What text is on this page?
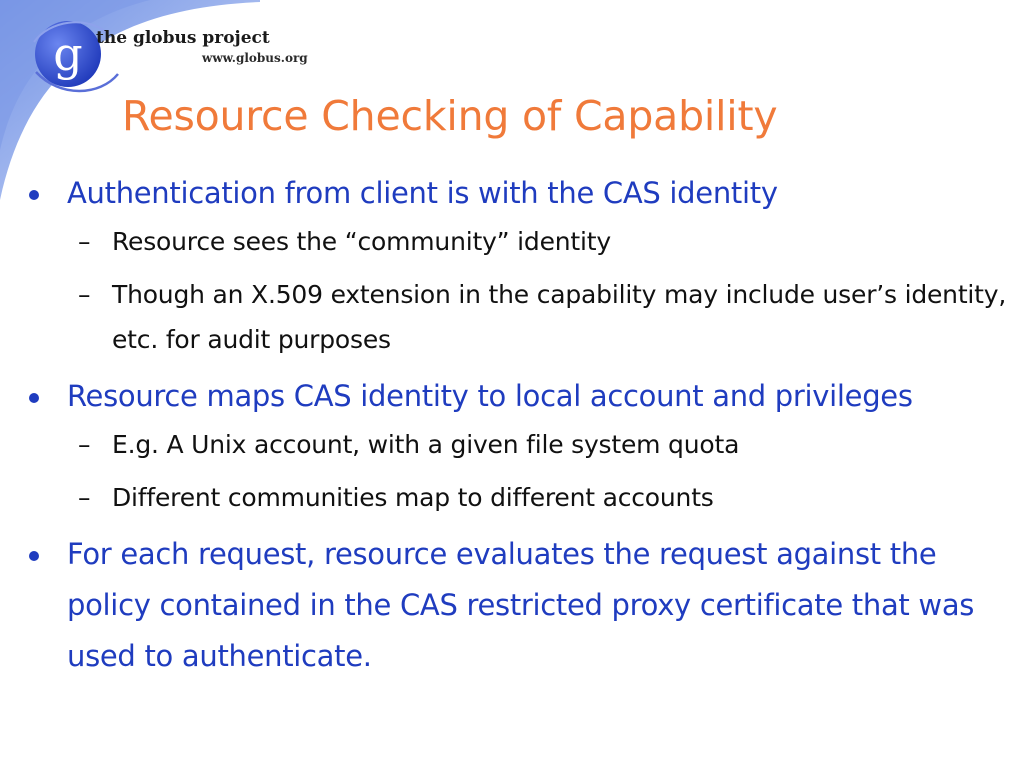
g the globus project
www.globus.org
Resource Checking of Capability
Authentication from client is with the CAS identity
– Resource sees the “community” identity
– Though an X.509 extension in the capability may include user’s identity, etc. for audit purposes
Resource maps CAS identity to local account and privileges
– E.g. A Unix account, with a given file system quota
– Different communities map to different accounts
For each request, resource evaluates the request against the policy contained in the CAS restricted proxy certificate that was used to authenticate.
